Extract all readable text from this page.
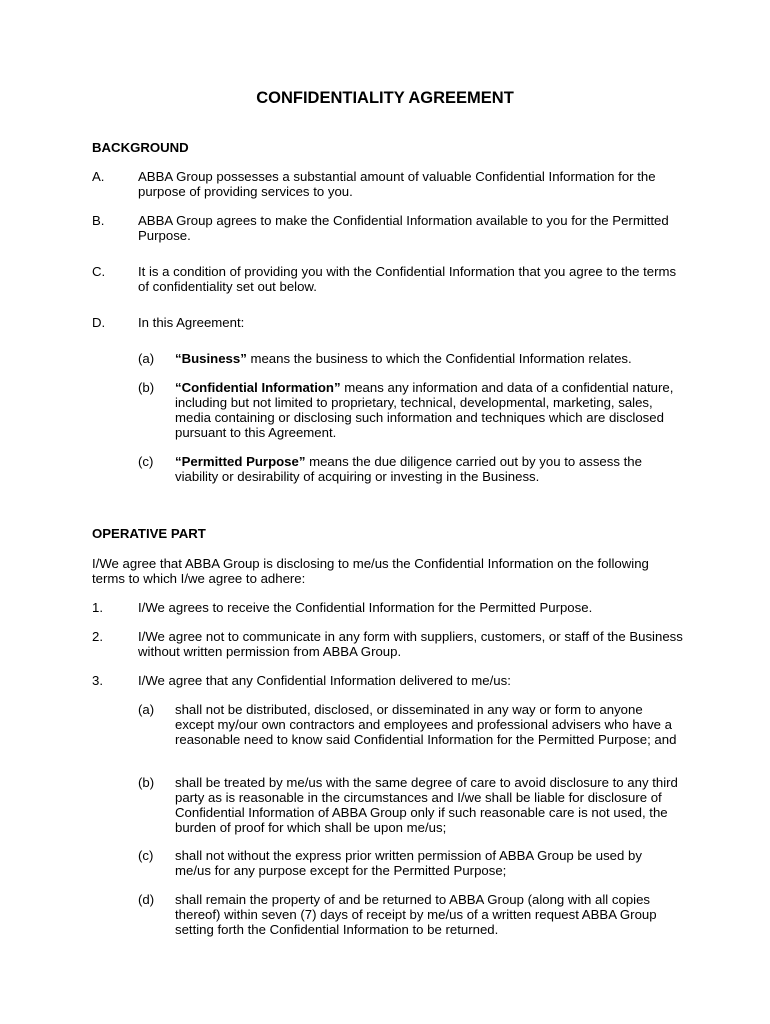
CONFIDENTIALITY AGREEMENT
BACKGROUND
A.	ABBA Group possesses a substantial amount of valuable Confidential Information for the purpose of providing services to you.
B.	ABBA Group agrees to make the Confidential Information available to you for the Permitted Purpose.
C. It is a condition of providing you with the Confidential Information that you agree to the terms of confidentiality set out below.
D. In this Agreement:
(a) “Business” means the business to which the Confidential Information relates.
(b) “Confidential Information” means any information and data of a confidential nature, including but not limited to proprietary, technical, developmental, marketing, sales, media containing or disclosing such information and techniques which are disclosed pursuant to this Agreement.
(c) “Permitted Purpose” means the due diligence carried out by you to assess the viability or desirability of acquiring or investing in the Business.
OPERATIVE PART
I/We agree that ABBA Group is disclosing to me/us the Confidential Information on the following terms to which I/we agree to adhere:
1.	I/We agrees to receive the Confidential Information for the Permitted Purpose.
2.	I/We agree not to communicate in any form with suppliers, customers, or staff of the Business without written permission from ABBA Group.
3.	I/We agree that any Confidential Information delivered to me/us:
(a) shall not be distributed, disclosed, or disseminated in any way or form to anyone except my/our own contractors and employees and professional advisers who have a reasonable need to know said Confidential Information for the Permitted Purpose; and
(b) shall be treated by me/us with the same degree of care to avoid disclosure to any third party as is reasonable in the circumstances and I/we shall be liable for disclosure of Confidential Information of ABBA Group only if such reasonable care is not used, the burden of proof for which shall be upon me/us;
(c) shall not without the express prior written permission of ABBA Group be used by me/us for any purpose except for the Permitted Purpose;
(d) shall remain the property of and be returned to ABBA Group (along with all copies thereof) within seven (7) days of receipt by me/us of a written request ABBA Group setting forth the Confidential Information to be returned.
